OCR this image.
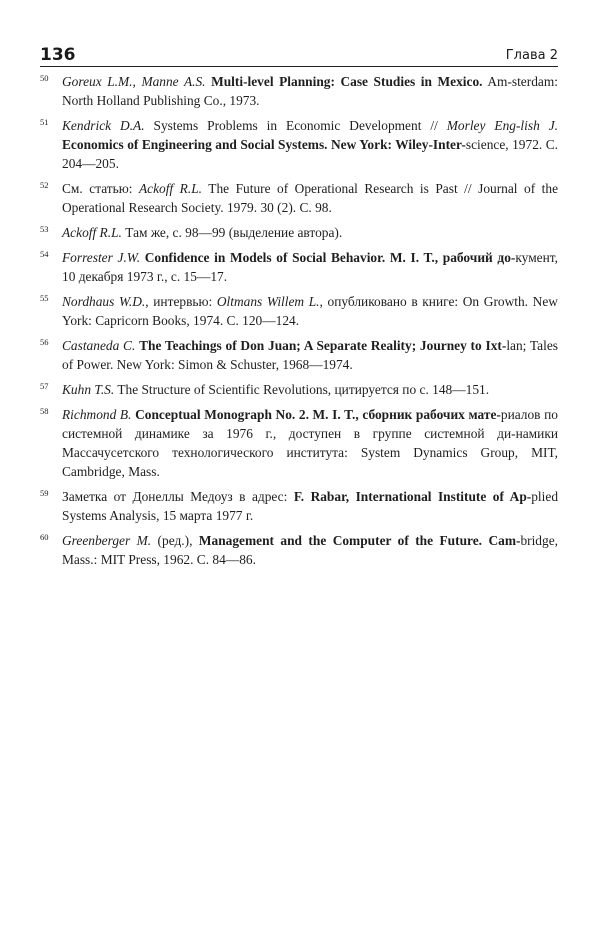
136	Глава 2
50 Goreux L.M., Manne A.S. Multi-level Planning: Case Studies in Mexico. Am-sterdam: North Holland Publishing Co., 1973.
51 Kendrick D.A. Systems Problems in Economic Development // Morley Eng-lish J. Economics of Engineering and Social Systems. New York: Wiley-Inter-science, 1972. С. 204—205.
52 См. статью: Ackoff R.L. The Future of Operational Research is Past // Journal of the Operational Research Society. 1979. 30 (2). С. 98.
53 Ackoff R.L. Там же, с. 98—99 (выделение автора).
54 Forrester J.W. Confidence in Models of Social Behavior. M. I. T., рабочий до-кумент, 10 декабря 1973 г., с. 15—17.
55 Nordhaus W.D., интервью: Oltmans Willem L., опубликовано в книге: On Growth. New York: Capricorn Books, 1974. С. 120—124.
56 Castaneda C. The Teachings of Don Juan; A Separate Reality; Journey to Ixt-lan; Tales of Power. New York: Simon & Schuster, 1968—1974.
57 Kuhn T.S. The Structure of Scientific Revolutions, цитируется по с. 148—151.
58 Richmond B. Conceptual Monograph No. 2. M. I. T., сборник рабочих мате-риалов по системной динамике за 1976 г., доступен в группе системной ди-намики Массачусетского технологического института: System Dynamics Group, MIT, Cambridge, Mass.
59 Заметка от Донеллы Медоуз в адрес: F. Rabar, International Institute of Ap-plied Systems Analysis, 15 марта 1977 г.
60 Greenberger M. (ред.), Management and the Computer of the Future. Cam-bridge, Mass.: MIT Press, 1962. С. 84—86.
